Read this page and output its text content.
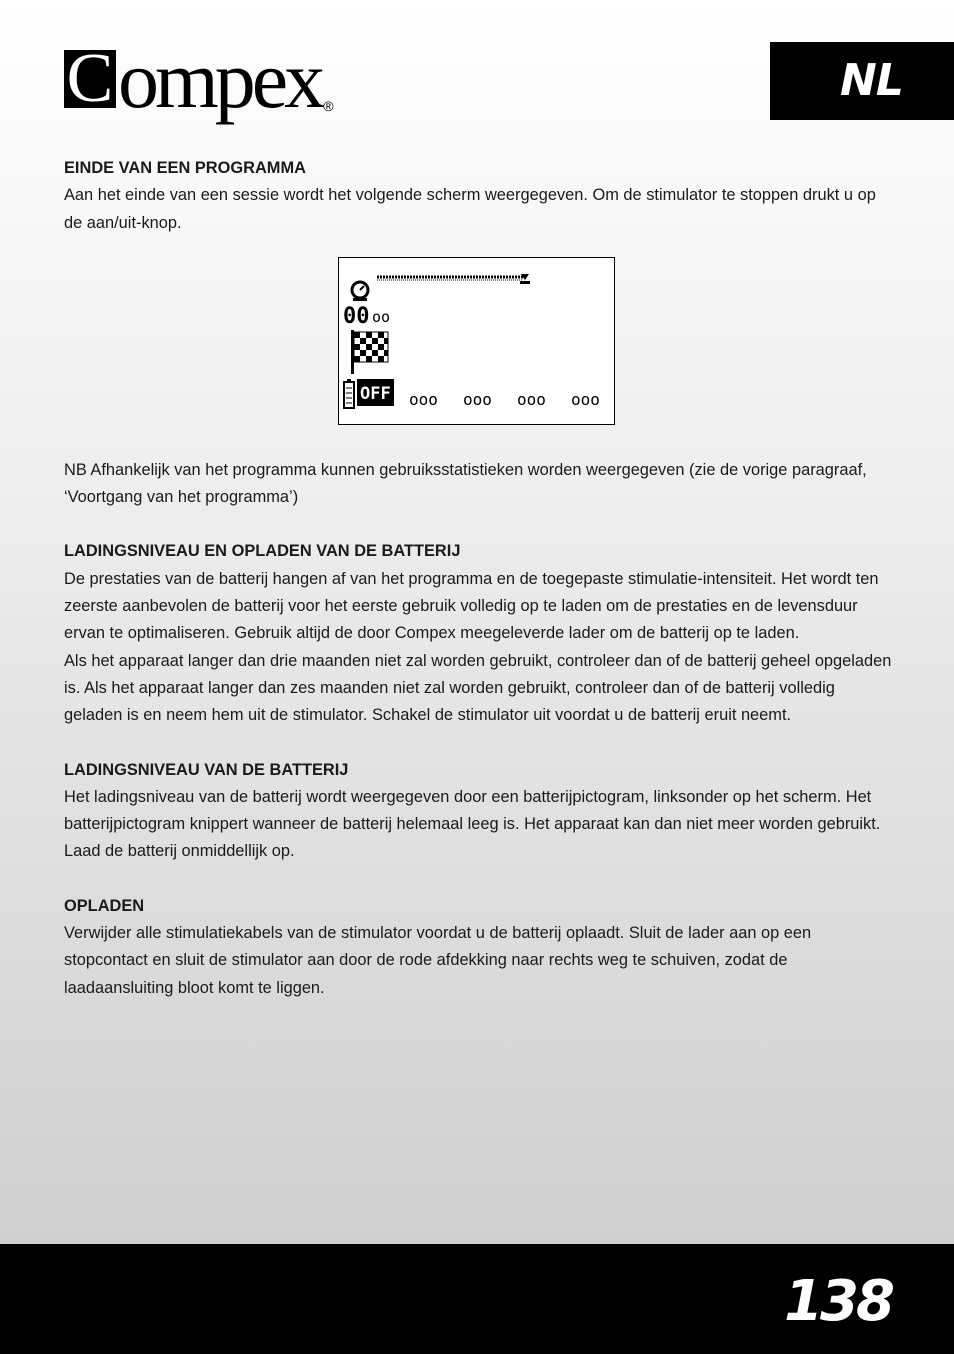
Compex ®	NL
EINDE VAN EEN PROGRAMMA

Aan het einde van een sessie wordt het volgende scherm weergegeven. Om de stimulator te stoppen drukt u op de aan/uit-knop.

00 oo
OFF ooo ooo ooo ooo

NB Afhankelijk van het programma kunnen gebruiksstatistieken worden weergegeven (zie de vorige paragraaf, ‘Voortgang van het programma’)

LADINGSNIVEAU EN OPLADEN VAN DE BATTERIJ

De prestaties van de batterij hangen af van het programma en de toegepaste stimulatie-intensiteit. Het wordt ten zeerste aanbevolen de batterij voor het eerste gebruik volledig op te laden om de prestaties en de levensduur ervan te optimaliseren. Gebruik altijd de door Compex meegeleverde lader om de batterij op te laden.

Als het apparaat langer dan drie maanden niet zal worden gebruikt, controleer dan of de batterij geheel opgeladen is. Als het apparaat langer dan zes maanden niet zal worden gebruikt, controleer dan of de batterij volledig geladen is en neem hem uit de stimulator. Schakel de stimulator uit voordat u de batterij eruit neemt.

LADINGSNIVEAU VAN DE BATTERIJ

Het ladingsniveau van de batterij wordt weergegeven door een batterijpictogram, linksonder op het scherm. Het batterijpictogram knippert wanneer de batterij helemaal leeg is. Het apparaat kan dan niet meer worden gebruikt. Laad de batterij onmiddellijk op.

OPLADEN

Verwijder alle stimulatiekabels van de stimulator voordat u de batterij oplaadt. Sluit de lader aan op een stopcontact en sluit de stimulator aan door de rode afdekking naar rechts weg te schuiven, zodat de laadaansluiting bloot komt te liggen.

138
